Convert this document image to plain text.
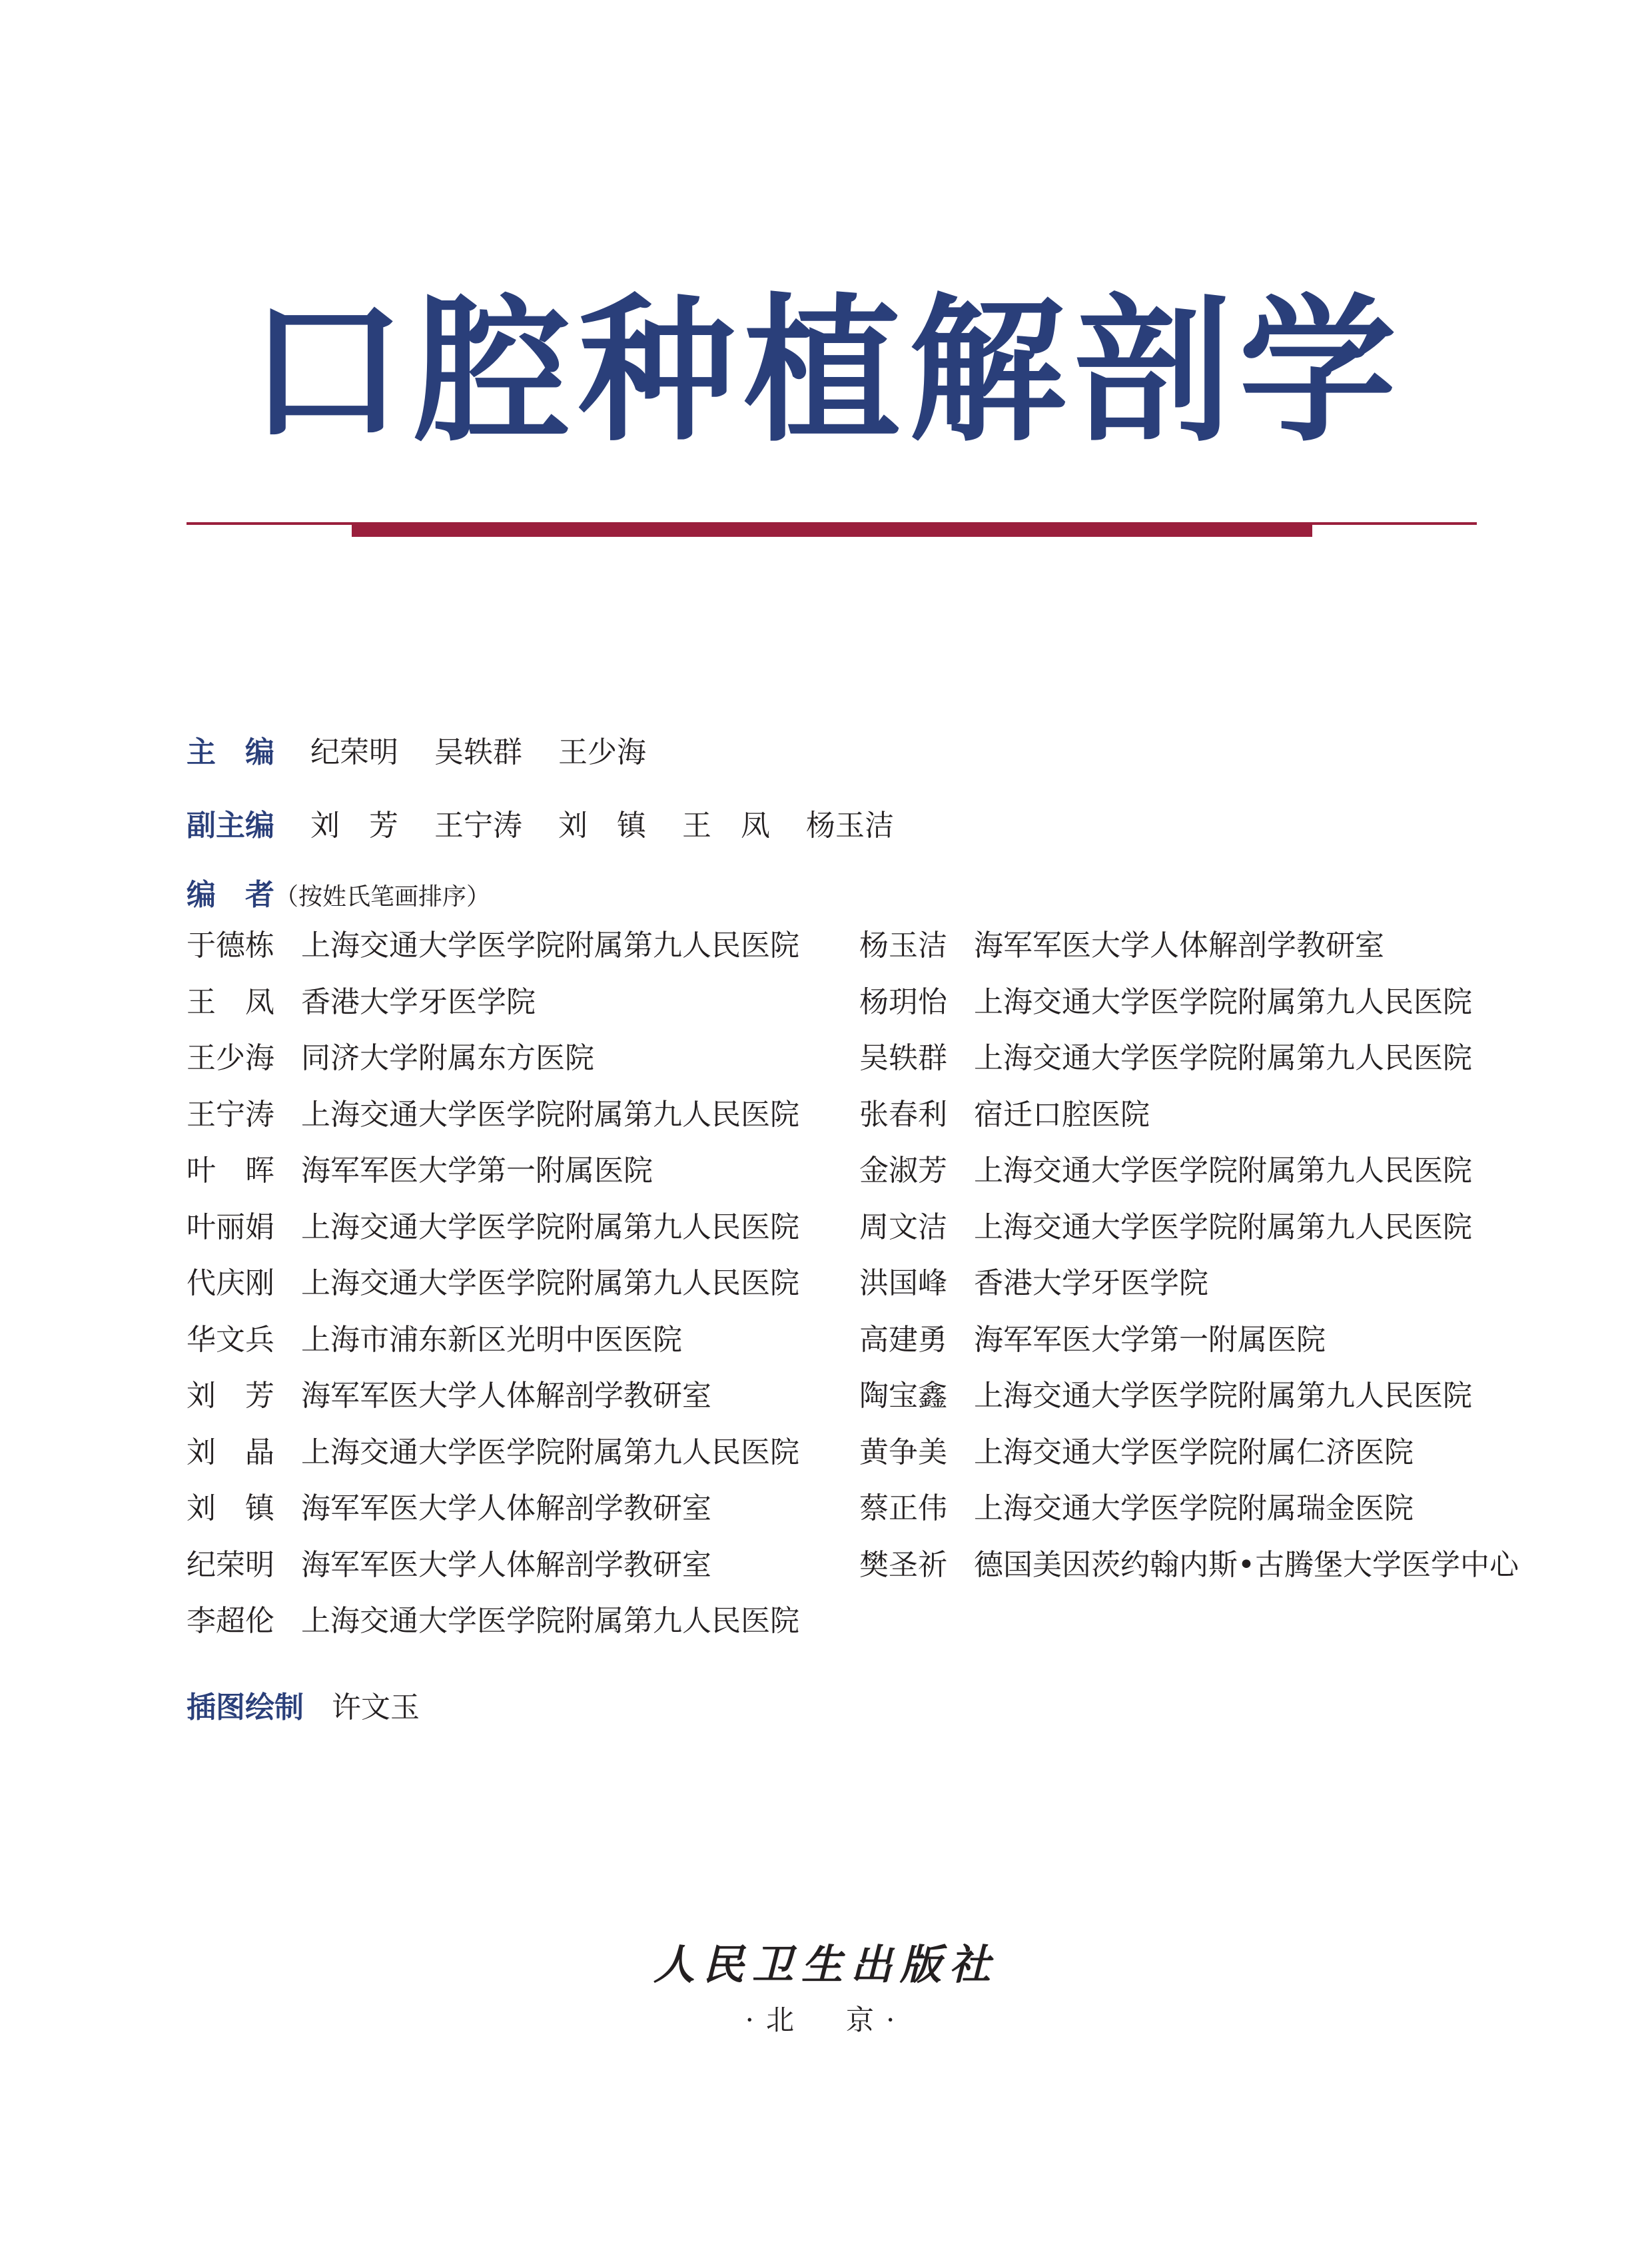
口腔种植解剖学
主　编 纪荣明 吴轶群 王少海
副主编 刘　芳 王宁涛 刘　镇 王　凤 杨玉洁
编　者（按姓氏笔画排序）
于德栋 上海交通大学医学院附属第九人民医院
王　凤 香港大学牙医学院
王少海 同济大学附属东方医院
王宁涛 上海交通大学医学院附属第九人民医院
叶　晖 海军军医大学第一附属医院
叶丽娟 上海交通大学医学院附属第九人民医院
代庆刚 上海交通大学医学院附属第九人民医院
华文兵 上海市浦东新区光明中医医院
刘　芳 海军军医大学人体解剖学教研室
刘　晶 上海交通大学医学院附属第九人民医院
刘　镇 海军军医大学人体解剖学教研室
纪荣明 海军军医大学人体解剖学教研室
李超伦 上海交通大学医学院附属第九人民医院
杨玉洁 海军军医大学人体解剖学教研室
杨玥怡 上海交通大学医学院附属第九人民医院
吴轶群 上海交通大学医学院附属第九人民医院
张春利 宿迁口腔医院
金淑芳 上海交通大学医学院附属第九人民医院
周文洁 上海交通大学医学院附属第九人民医院
洪国峰 香港大学牙医学院
高建勇 海军军医大学第一附属医院
陶宝鑫 上海交通大学医学院附属第九人民医院
黄争美 上海交通大学医学院附属仁济医院
蔡正伟 上海交通大学医学院附属瑞金医院
樊圣祈 德国美因茨约翰内斯•古腾堡大学医学中心
插图绘制 许文玉
人民卫生出版社
·北　京·
